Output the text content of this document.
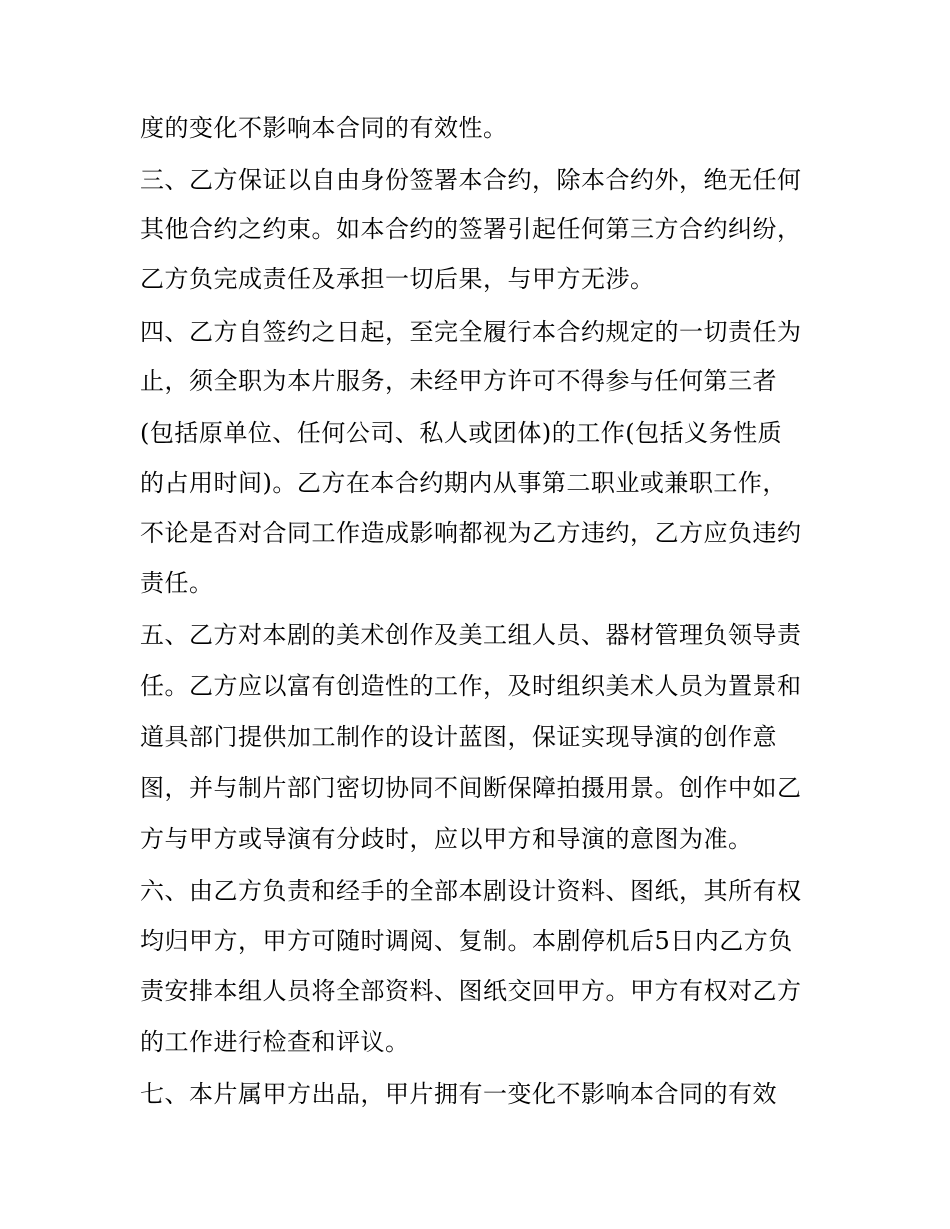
度的变化不影响本合同的有效性。
三、乙方保证以自由身份签署本合约，除本合约外，绝无任何
其他合约之约束。如本合约的签署引起任何第三方合约纠纷，
乙方负完成责任及承担一切后果，与甲方无涉。
四、乙方自签约之日起，至完全履行本合约规定的一切责任为
止，须全职为本片服务，未经甲方许可不得参与任何第三者
(包括原单位、任何公司、私人或团体)的工作(包括义务性质
的占用时间)。乙方在本合约期内从事第二职业或兼职工作，
不论是否对合同工作造成影响都视为乙方违约，乙方应负违约
责任。
五、乙方对本剧的美术创作及美工组人员、器材管理负领导责
任。乙方应以富有创造性的工作，及时组织美术人员为置景和
道具部门提供加工制作的设计蓝图，保证实现导演的创作意
图，并与制片部门密切协同不间断保障拍摄用景。创作中如乙
方与甲方或导演有分歧时，应以甲方和导演的意图为准。
六、由乙方负责和经手的全部本剧设计资料、图纸，其所有权
均归甲方，甲方可随时调阅、复制。本剧停机后5日内乙方负
责安排本组人员将全部资料、图纸交回甲方。甲方有权对乙方
的工作进行检查和评议。
七、本片属甲方出品，甲片拥有一变化不影响本合同的有效
